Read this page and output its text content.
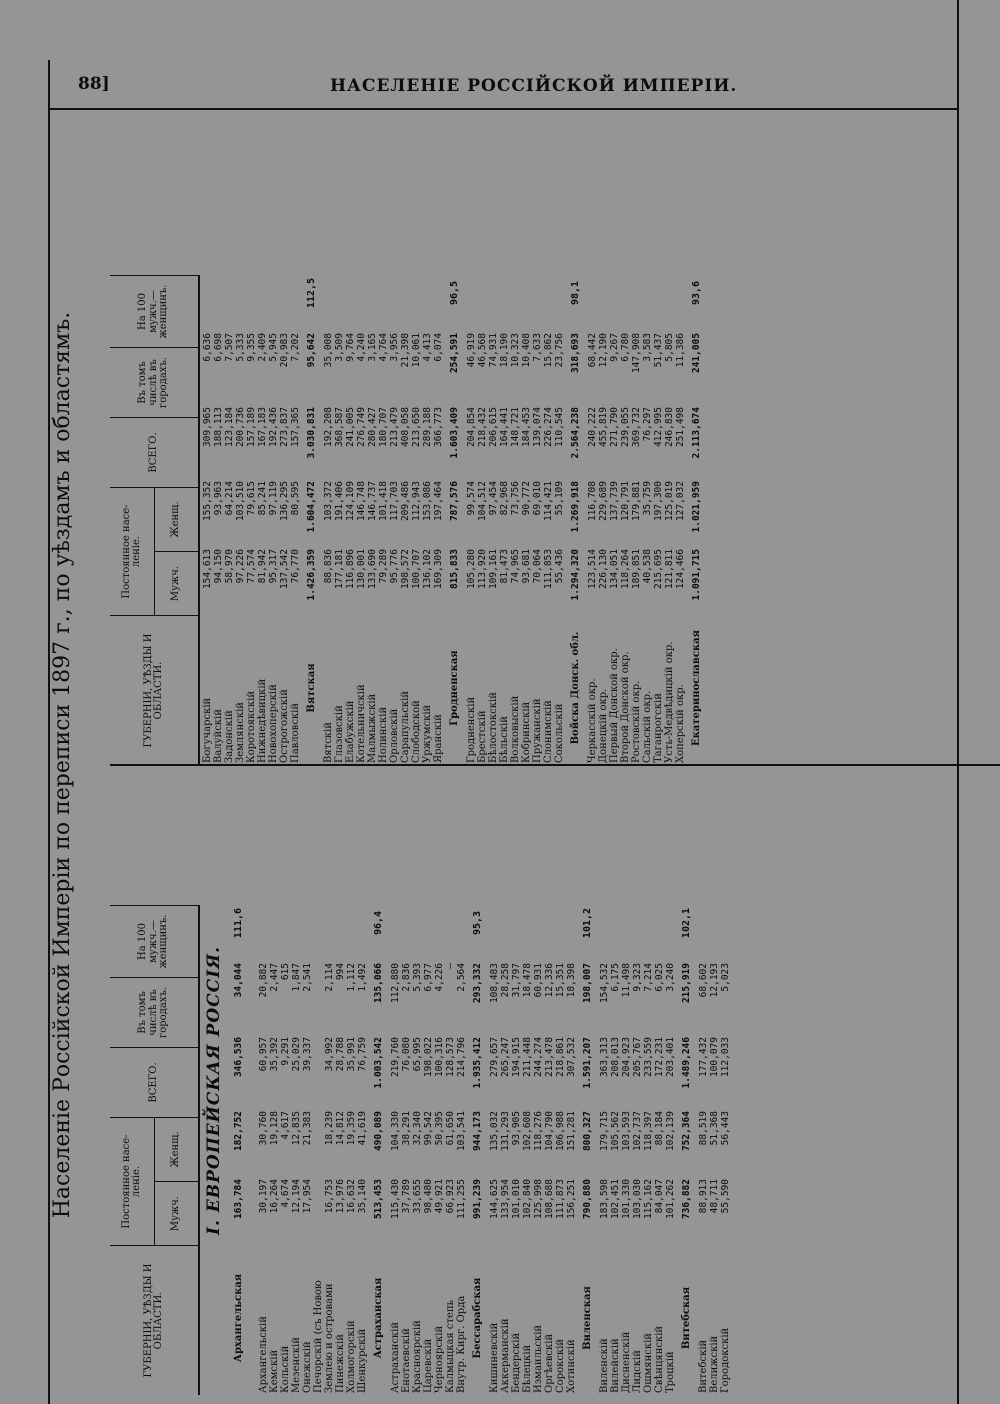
88]	НАСЕЛЕНІЕ РОССІЙСКОЙ ИМПЕРІИ.
Населеніе Россійской Имперіи по переписи 1897 г., по уѣздамъ и областямъ.
ГУБЕРНІИ, УѢЗДЫ И ОБЛАСТИ.
Постоянное насе- леніе.
Мужч.
Женщ.
ВСЕГО.
Въ томъ числѣ въ городахъ.
На 100 мужч.— женщинъ.
I. ЕВРОПЕЙСКАЯ РОССІЯ.
Архангельская
163,784
182,752
346,536
34,044
111,6
Архангельскій
30,197
30,760
60,957
20,882
Кемскій
16,264
19,128
35,392
2,447
Кольскій
4,674
4,617
9,291
615
Мезенскій
12,194
12,835
25,029
1,847
Онежскій
17,954
21,383
39,337
2,541
Печорскій (съ Новою Землею и островами
16,753
18,239
34,992
2,114
Пинежскій
13,976
14,812
28,788
994
Холмогорскій
16,632
19,359
35,991
1,112
Шенкурскій
35,140
41,619
76,759
1,492
Астраханская
513,453
490,089
1.003,542
135,066
96,4
Астраханскій
115,430
104,330
219,760
112,880
Енотаевскій
37,789
38,291
76,080
2,836
Красноярскій
33,655
32,340
65,995
5,393
Царевскій
98,480
99,542
198,022
6,977
Черноярскій
49,921
50,395
100,316
4,226
Калмыцкая степь
66,923
61,650
128,573
—
Внутр. Кирг. Орда
111,255
103,541
214,796
2,564
Бессарабская
991,239
944,173
1.935,412
293,332
95,3
Кишиневскій
144,625
135,032
279,657
108,483
Аккерманскій
133,954
131,293
265,247
28,258
Бендерскій
101,010
93,905
194,915
31,797
Бѣлецкій
102,840
102,608
211,448
18,478
Измаильскій
125,998
118,276
244,274
60,931
Оргѣевскій
108,688
104,790
213,478
12,336
Сорокскій
111,873
106,988
218,861
15,351
Хотинскій
156,251
151,281
307,532
18,398
Виленская
790,880
800,327
1.591,207
198,007
101,2
Виленскій
183,598
179,715
363,313
154,532
Вилейскій
102,451
105,562
208,013
6,175
Дисненскій
101,330
103,593
204,923
11,498
Лидскій
103,030
102,737
205,767
9,323
Ошмянскій
115,162
118,397
233,559
7,214
Свѣнцянскій
84,047
88,184
172,231
6,025
Троцкій
101,262
102,139
203,401
3,240
Витебская
736,882
752,364
1.489,246
215,919
102,1
Витебскій
88,913
88,519
177,432
68,602
Велижскій
48,711
51,368
100,079
12,193
Городокскій
55,590
56,443
112,033
5,023
ГУБЕРНІИ, УѢЗДЫ И ОБЛАСТИ.
Постоянное насе- леніе.
Мужч.
Женщ.
ВСЕГО.
Въ томъ числѣ въ городахъ.
На 100 мужч.— женщинъ.
Богучарскій
154,613
155,352
309,965
6,636
Валуйскій
94,150
93,963
188,113
6,698
Задонскій
58,970
64,214
123,184
7,507
Землянскій
97,226
103,510
200,736
5,333
Коротоякскій
77,574
79,615
157,189
9,355
Нижнедѣвицкій
81,942
85,241
167,183
2,409
Новохоперскій
95,317
97,119
192,436
5,945
Острогожскій
137,542
136,295
273,837
20,983
Павловскій
76,770
80,595
157,365
7,202
Вятская
1.426,359
1.604,472
3.030,831
95,642
112,5
Вятскій
88,836
103,372
192,208
35,008
Глазовскій
177,181
191,406
368,587
3,509
Елабужскій
116,896
124,109
241,005
9,764
Котельничскій
130,001
146,748
276,749
4,240
Малмыжскій
133,690
146,737
280,427
3,165
Нолинскій
79,289
101,418
180,707
4,764
Орловскій
95,776
117,703
213,479
3,956
Сарапульскій
198,572
209,486
408,058
21,398
Слободской
100,707
112,943
213,650
10,061
Уржумскій
136,102
153,086
289,188
4,413
Яранскій
169,309
197,464
366,773
6,074
Гродненская
815,833
787,576
1.603,409
254,591
96,5
Гродненскій
105,280
99,574
204,854
46,919
Брестскій
113,920
104,512
218,432
46,568
Бѣлостокскій
109,161
97,454
206,615
74,931
Бѣльскій
81,473
82,968
164,441
18,190
Волковыскій
74,965
73,756
148,721
10,323
Кобринскій
93,681
90,772
184,453
10,408
Пружанскій
70,064
69,010
139,074
7,633
Слонимскій
111,853
114,421
226,274
15,862
Сокольскій
55,436
55,109
110,545
23,756
Войска Донск. обл.
1.294,320
1.269,918
2.564,238
318,693
98,1
Черкасскій окр.
123,514
116,708
240,222
68,442
Донецкій окр.
226,130
229,689
455,819
12,190
Первый Донской окр.
134,051
137,739
271,790
9,267
Второй Донской окр.
118,264
120,791
239,055
6,780
Ростовскій окр.
189,851
179,881
369,732
147,908
Сальскій окр.
40,538
35,759
76,297
3,583
Таганрогскій
215,695
197,300
412,995
51,437
Усть-Медвѣдицкій окр.
121,811
125,019
246,830
5,805
Хоперскій окр.
124,466
127,032
251,498
11,386
Екатеринославская
1.091,715
1.021,959
2.113,674
241,005
93,6
